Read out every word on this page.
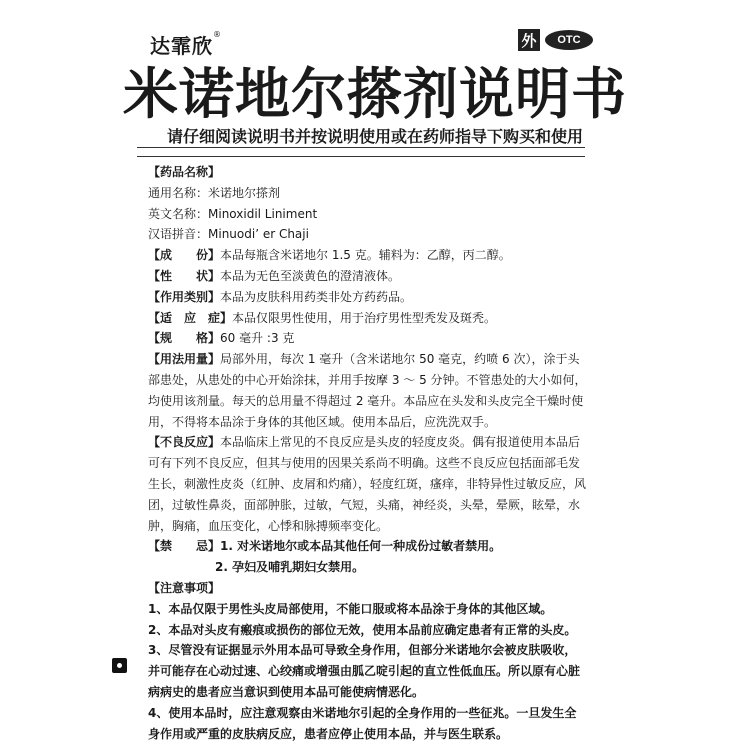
达霏欣®	外	OTC
米诺地尔搽剂说明书
请仔细阅读说明书并按说明使用或在药师指导下购买和使用
【药品名称】
通用名称：米诺地尔搽剂
英文名称：Minoxidil Liniment
汉语拼音：Minuodi’ er Chaji
【成　　份】本品每瓶含米诺地尔 1.5 克。辅料为：乙醇，丙二醇。
【性　　状】本品为无色至淡黄色的澄清液体。
【作用类别】本品为皮肤科用药类非处方药药品。
【适　应　症】本品仅限男性使用，用于治疗男性型秃发及斑秃。
【规　　格】60 毫升 :3 克
【用法用量】局部外用，每次 1 毫升（含米诺地尔 50 毫克，约喷 6 次），涂于头部患处，从患处的中心开始涂抹，并用手按摩 3 ～ 5 分钟。不管患处的大小如何，均使用该剂量。每天的总用量不得超过 2 毫升。本品应在头发和头皮完全干燥时使用，不得将本品涂于身体的其他区域。使用本品后，应洗洗双手。
【不良反应】本品临床上常见的不良反应是头皮的轻度皮炎。偶有报道使用本品后可有下列不良反应，但其与使用的因果关系尚不明确。这些不良反应包括面部毛发生长，刺激性皮炎（红肿、皮屑和灼痛），轻度红斑，瘙痒，非特异性过敏反应，风团，过敏性鼻炎，面部肿胀，过敏，气短，头痛，神经炎，头晕，晕厥，眩晕，水肿，胸痛，血压变化，心悸和脉搏频率变化。
【禁　　忌】1. 对米诺地尔或本品其他任何一种成份过敏者禁用。
2. 孕妇及哺乳期妇女禁用。
【注意事项】
1、本品仅限于男性头皮局部使用，不能口服或将本品涂于身体的其他区域。
2、本品对头皮有瘢痕或损伤的部位无效，使用本品前应确定患者有正常的头皮。
3、尽管没有证据显示外用本品可导致全身作用，但部分米诺地尔会被皮肤吸收，并可能存在心动过速、心绞痛或增强由胍乙啶引起的直立性低血压。所以原有心脏病病史的患者应当意识到使用本品可能使病情恶化。
4、使用本品时，应注意观察由米诺地尔引起的全身作用的一些征兆。一旦发生全身作用或严重的皮肤病反应，患者应停止使用本品，并与医生联系。
